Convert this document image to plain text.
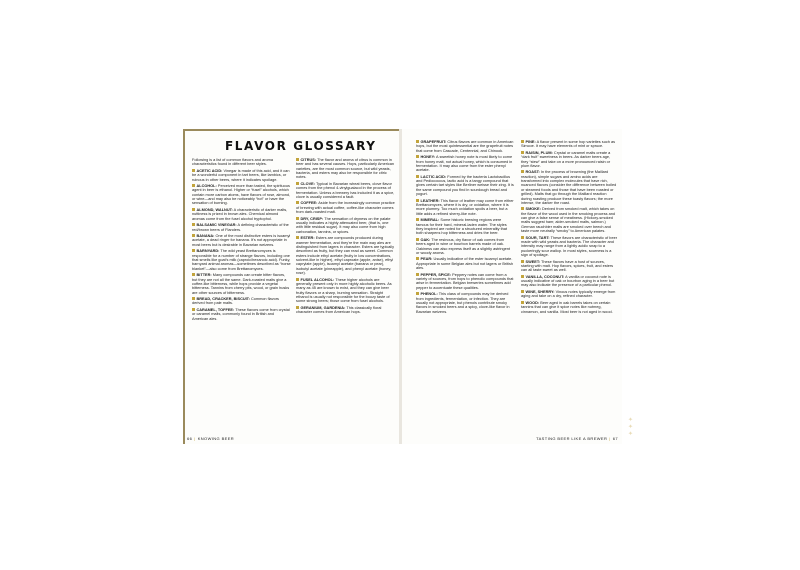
FLAVOR GLOSSARY

Following is a list of common flavors and aroma characteristics found in different beer styles.

ACETIC ACID: Vinegar is made of this acid, and it can be a wonderful component in tart beers, like lambics, or ruinous in other beers, where it indicates spoilage.

ALCOHOL: Perceived more than tasted, the spirituous agent in beer is ethanol. Higher or “fusel” alcohols, which contain more carbon atoms, have flavors of rose, almond, or wine—and may also be noticeably “hot” or have the sensation of burning.

ALMOND, WALNUT: A characteristic of darker malts, nuttiness is prized in brown ales. Chemical almond aromas come from the fusel alcohol tryptophol.

BALSAMIC VINEGAR: A defining characteristic of the red/brown beers of Flanders.

BANANA: One of the most distinctive esters is isoamyl acetate, a dead ringer for banana. It's not appropriate in most beers but is desirable in Bavarian weizens.

BARNYARD: The wild yeast Brettanomyces is responsible for a number of strange flavors, including one that smells like goat's milk (caproic/hexanoic acid). Funky, barnyard animal aromas—sometimes described as “horse blanket”—also come from Brettanomyces.

BITTER: Many compounds can create bitter flavors, but they are not all the same. Dark-roasted malts give a coffee-like bitterness, while hops provide a vegetal bitterness. Tannins from cherry pits, wood, or grain husks are other sources of bitterness.

BREAD, CRACKER, BISCUIT: Common flavors derived from pale malts.

CARAMEL, TOFFEE: These flavors come from crystal or caramel malts, commonly found in British and American ales.

CITRUS: The flavor and aroma of citrus is common in beer and has several causes. Hops, particularly American varieties, are the most common source, but wild yeasts, bacteria, and esters may also be responsible for citric notes.

CLOVE: Typical in Bavarian wheat beers, clove flavor comes from the phenol 4-vinylguaiacol in the process of fermentation. Unless a brewery has included it as a spice, clove is usually considered a fault.

COFFEE: Aside from the increasingly common practice of brewing with actual coffee, coffee-like character comes from dark-roasted malt.

DRY, CRISP: The sensation of dryness on the palate usually indicates a highly attenuated beer, (that is, one with little residual sugar). It may also come from high carbonation, tannins, or spices.

ESTER: Esters are compounds produced during warmer fermentation, and they're the main way ales are distinguished from lagers in character. Esters are typically described as fruity, but they can read as sweet. Common esters include ethyl acetate (fruity in low concentrations, solvent-like in higher), ethyl caproate (apple, anise), ethyl caprylate (apple), isoamyl acetate (banana or pear), isobutyl acetate (pineapple), and phenyl acetate (honey, rose).

FUSEL ALCOHOL: These higher alcohols are generally present only in more highly alcoholic beers. As many as 45 are known to exist, and they can give beer fruity flavors or a sharp, burning sensation. Straight ethanol is usually not responsible for the boozy taste of some strong beers; those come from fusel alcohols.

GERANIUM, GARDENIA: This classically floral character comes from American hops.

GRAPEFRUIT: Citrus flavors are common in American hops, but the most quintessential are the grapefruit notes that come from Cascade, Centennial, and Chinook.

HONEY: A sweetish honey note is most likely to come from honey malt, not actual honey, which is consumed in fermentation. It may also come from the ester phenyl acetate.

LACTIC ACID: Formed by the bacteria Lactobacillus and Pediococcus, lactic acid is a tangy compound that gives certain tart styles like Berliner weisse their zing. It is the same compound you find in sourdough bread and yogurt.

LEATHER: This flavor of leather may come from either Brettanomyces, where it is dry, or oxidation, where it is more plummy. Too much oxidation spoils a beer, but a little adds a refined sherry-like note.

MINERAL: Some historic brewing regions were famous for their hard, mineral-laden water. The styles they inspired are noted for a structured minerality that both sharpens hop bitterness and dries the beer.

OAK: The resinous, dry flavor of oak comes from beers aged in wine or bourbon barrels made of oak. Oakiness can also express itself as a slightly astringent or woody aroma.

PEAR: Usually indicative of the ester isoamyl acetate. Appropriate in some Belgian ales but not lagers or British ales.

PEPPER, SPICE: Peppery notes can come from a variety of sources, from hops to phenolic compounds that arise in fermentation. Belgian breweries sometimes add pepper to accentuate these qualities.

PHENOL: This class of compounds may be derived from ingredients, fermentation, or infection. They are usually not appropriate, but phenols contribute smoky flavors in smoked beers and a spicy, clove-like flavor in Bavarian weizens.

PINE: A flavor present in some hop varieties such as Simcoe. It may have elements of mint or spruce.

RAISIN, PLUM: Crystal or caramel malts create a “dark fruit” sweetness in beers. As darker beers age, they “stew” and take on a more pronounced raisin or plum flavor.

ROAST: In the process of browning (the Maillard reaction), simple sugars and amino acids are transformed into complex molecules that have rich, nuanced flavors (consider the difference between boiled or steamed foods and those that have been roasted or grilled). Malts that go through the Maillard reaction during roasting produce these toasty flavors; the more intense, the darker the roast.

SMOKE: Derived from smoked malt, which takes on the flavor of the wood used in the smoking process and can give a false sense of meatiness. (Hickory-smoked malts suggest ham; alder-smoked malts, salmon.) German rauchbier malts are smoked over beech and taste more neutrally “smoky” to American palates.

SOUR, TART: These flavors are characteristic of beer made with wild yeasts and bacteria. The character and intensity may range from a lightly acidic snap to a puckeringly sour wallop. In most styles, sourness is a sign of spoilage.

SWEET: These flavors have a host of sources, starting with malt. Hop flavors, spices, fruit, and esters can all taste sweet as well.

VANILLA, COCONUT: A vanilla or coconut note is usually indicative of oak or bourbon aging in a beer but may also indicate the presence of a particular phenol.

WINE, SHERRY: Vinous notes typically emerge from aging and take on a dry, refined character.

WOOD: Beer aged in oak barrels takes on certain tannins that can give it spice notes like nutmeg, cinnamon, and vanilla. Most beer is not aged in wood.

66 | KNOWING BEER	TASTING BEER LIKE A BREWER | 67
✦✦✦
